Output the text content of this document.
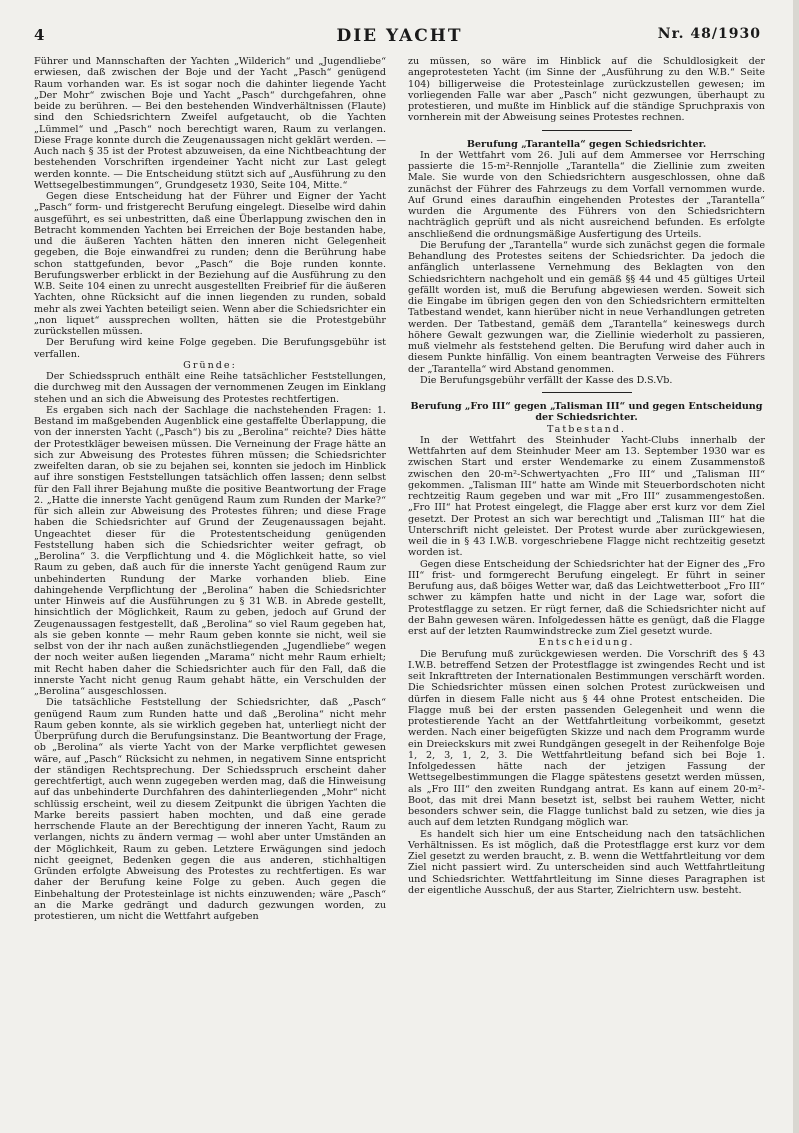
4	DIE YACHT	Nr. 48/1930

Führer und Mannschaften der Yachten „Wilderich“ und „Jugendliebe“ erwiesen, daß zwischen der Boje und der Yacht „Pasch“ genügend Raum vorhanden war. Es ist sogar noch die dahinter liegende Yacht „Der Mohr“ zwischen Boje und Yacht „Pasch“ durchgefahren, ohne beide zu berühren. — Bei den bestehenden Windverhältnissen (Flaute) sind den Schiedsrichtern Zweifel aufgetaucht, ob die Yachten „Lümmel“ und „Pasch“ noch berechtigt waren, Raum zu verlangen. Diese Frage konnte durch die Zeugenaussagen nicht geklärt werden. — Auch nach § 35 ist der Protest abzuweisen, da eine Nichtbeachtung der bestehenden Vorschriften irgendeiner Yacht nicht zur Last gelegt werden konnte. — Die Entscheidung stützt sich auf „Ausführung zu den Wettsegelbestimmungen“, Grundgesetz 1930, Seite 104, Mitte.“

Gegen diese Entscheidung hat der Führer und Eigner der Yacht „Pasch“ form- und fristgerecht Berufung eingelegt. Dieselbe wird dahin ausgeführt, es sei unbestritten, daß eine Überlappung zwischen den in Betracht kommenden Yachten bei Erreichen der Boje bestanden habe, und die äußeren Yachten hätten den inneren nicht Gelegenheit gegeben, die Boje einwandfrei zu runden; denn die Berührung habe schon stattgefunden, bevor „Pasch“ die Boje runden konnte. Berufungswerber erblickt in der Beziehung auf die Ausführung zu den W.B. Seite 104 einen zu unrecht ausgestellten Freibrief für die äußeren Yachten, ohne Rücksicht auf die innen liegenden zu runden, sobald mehr als zwei Yachten beteiligt seien. Wenn aber die Schiedsrichter ein „non liquet“ aussprechen wollten, hätten sie die Protestgebühr zurückstellen müssen.

Der Berufung wird keine Folge gegeben. Die Berufungsgebühr ist verfallen.

Gründe:

Der Schiedsspruch enthält eine Reihe tatsächlicher Feststellungen, die durchweg mit den Aussagen der vernommenen Zeugen im Einklang stehen und an sich die Abweisung des Protestes rechtfertigen.

Es ergaben sich nach der Sachlage die nachstehenden Fragen: 1. Bestand im maßgebenden Augenblick eine gestaffelte Überlappung, die von der innersten Yacht („Pasch“) bis zu „Berolina“ reichte? Dies hätte der Protestkläger beweisen müssen. Die Verneinung der Frage hätte an sich zur Abweisung des Protestes führen müssen; die Schiedsrichter zweifelten daran, ob sie zu bejahen sei, konnten sie jedoch im Hinblick auf ihre sonstigen Feststellungen tatsächlich offen lassen; denn selbst für den Fall ihrer Bejahung mußte die positive Beantwortung der Frage 2. „Hatte die innerste Yacht genügend Raum zum Runden der Marke?“ für sich allein zur Abweisung des Protestes führen; und diese Frage haben die Schiedsrichter auf Grund der Zeugenaussagen bejaht. Ungeachtet dieser für die Protestentscheidung genügenden Feststellung haben sich die Schiedsrichter weiter gefragt, ob „Berolina“ 3. die Verpflichtung und 4. die Möglichkeit hatte, so viel Raum zu geben, daß auch für die innerste Yacht genügend Raum zur unbehinderten Rundung der Marke vorhanden blieb. Eine dahingehende Verpflichtung der „Berolina“ haben die Schiedsrichter unter Hinweis auf die Ausführungen zu § 31 W.B. in Abrede gestellt, hinsichtlich der Möglichkeit, Raum zu geben, jedoch auf Grund der Zeugenaussagen festgestellt, daß „Berolina“ so viel Raum gegeben hat, als sie geben konnte — mehr Raum geben konnte sie nicht, weil sie selbst von der ihr nach außen zunächstliegenden „Jugendliebe“ wegen der noch weiter außen liegenden „Marama“ nicht mehr Raum erhielt; mit Recht haben daher die Schiedsrichter auch für den Fall, daß die innerste Yacht nicht genug Raum gehabt hätte, ein Verschulden der „Berolina“ ausgeschlossen.

Die tatsächliche Feststellung der Schiedsrichter, daß „Pasch“ genügend Raum zum Runden hatte und daß „Berolina“ nicht mehr Raum geben konnte, als sie wirklich gegeben hat, unterliegt nicht der Überprüfung durch die Berufungsinstanz. Die Beantwortung der Frage, ob „Berolina“ als vierte Yacht von der Marke verpflichtet gewesen wäre, auf „Pasch“ Rücksicht zu nehmen, in negativem Sinne entspricht der ständigen Rechtsprechung. Der Schiedsspruch erscheint daher gerechtfertigt, auch wenn zugegeben werden mag, daß die Hinweisung auf das unbehinderte Durchfahren des dahinterliegenden „Mohr“ nicht schlüssig erscheint, weil zu diesem Zeitpunkt die übrigen Yachten die Marke bereits passiert haben mochten, und daß eine gerade herrschende Flaute an der Berechtigung der inneren Yacht, Raum zu verlangen, nichts zu ändern vermag — wohl aber unter Umständen an der Möglichkeit, Raum zu geben. Letztere Erwägungen sind jedoch nicht geeignet, Bedenken gegen die aus anderen, stichhaltigen Gründen erfolgte Abweisung des Protestes zu rechtfertigen. Es war daher der Berufung keine Folge zu geben. Auch gegen die Einbehaltung der Protesteinlage ist nichts einzuwenden; wäre „Pasch“ an die Marke gedrängt und dadurch gezwungen worden, zu protestieren, um nicht die Wettfahrt aufgeben

zu müssen, so wäre im Hinblick auf die Schuldlosigkeit der angeprotesteten Yacht (im Sinne der „Ausführung zu den W.B.“ Seite 104) billigerweise die Protesteinlage zurückzustellen gewesen; im vorliegenden Falle war aber „Pasch“ nicht gezwungen, überhaupt zu protestieren, und mußte im Hinblick auf die ständige Spruchpraxis von vornherein mit der Abweisung seines Protestes rechnen.

Berufung „Tarantella“ gegen Schiedsrichter.

In der Wettfahrt vom 26. Juli auf dem Ammersee vor Herrsching passierte die 15-m²-Rennjolle „Tarantella“ die Ziellinie zum zweiten Male. Sie wurde von den Schiedsrichtern ausgeschlossen, ohne daß zunächst der Führer des Fahrzeugs zu dem Vorfall vernommen wurde. Auf Grund eines daraufhin eingehenden Protestes der „Tarantella“ wurden die Argumente des Führers von den Schiedsrichtern nachträglich geprüft und als nicht ausreichend befunden. Es erfolgte anschließend die ordnungsmäßige Ausfertigung des Urteils.

Die Berufung der „Tarantella“ wurde sich zunächst gegen die formale Behandlung des Protestes seitens der Schiedsrichter. Da jedoch die anfänglich unterlassene Vernehmung des Beklagten von den Schiedsrichtern nachgeholt und ein gemäß §§ 44 und 45 gültiges Urteil gefällt worden ist, muß die Berufung abgewiesen werden. Soweit sich die Eingabe im übrigen gegen den von den Schiedsrichtern ermittelten Tatbestand wendet, kann hierüber nicht in neue Verhandlungen getreten werden. Der Tatbestand, gemäß dem „Tarantella“ keineswegs durch höhere Gewalt gezwungen war, die Ziellinie wiederholt zu passieren, muß vielmehr als feststehend gelten. Die Berufung wird daher auch in diesem Punkte hinfällig. Von einem beantragten Verweise des Führers der „Tarantella“ wird Abstand genommen.

Die Berufungsgebühr verfällt der Kasse des D.S.Vb.

Berufung „Fro III“ gegen „Talisman III“ und gegen Entscheidung der Schiedsrichter.

Tatbestand.

In der Wettfahrt des Steinhuder Yacht-Clubs innerhalb der Wettfahrten auf dem Steinhuder Meer am 13. September 1930 war es zwischen Start und erster Wendemarke zu einem Zusammenstoß zwischen den 20-m²-Schwertyachten „Fro III“ und „Talisman III“ gekommen. „Talisman III“ hatte am Winde mit Steuerbordschoten nicht rechtzeitig Raum gegeben und war mit „Fro III“ zusammengestoßen. „Fro III“ hat Protest eingelegt, die Flagge aber erst kurz vor dem Ziel gesetzt. Der Protest an sich war berechtigt und „Talisman III“ hat die Unterschrift nicht geleistet. Der Protest wurde aber zurückgewiesen, weil die in § 43 I.W.B. vorgeschriebene Flagge nicht rechtzeitig gesetzt worden ist.

Gegen diese Entscheidung der Schiedsrichter hat der Eigner des „Fro III“ frist- und formgerecht Berufung eingelegt. Er führt in seiner Berufung aus, daß böiges Wetter war, daß das Leichtwetterboot „Fro III“ schwer zu kämpfen hatte und nicht in der Lage war, sofort die Protestflagge zu setzen. Er rügt ferner, daß die Schiedsrichter nicht auf der Bahn gewesen wären. Infolgedessen hätte es genügt, daß die Flagge erst auf der letzten Raumwindstrecke zum Ziel gesetzt wurde.

Entscheidung.

Die Berufung muß zurückgewiesen werden. Die Vorschrift des § 43 I.W.B. betreffend Setzen der Protestflagge ist zwingendes Recht und ist seit Inkrafttreten der Internationalen Bestimmungen verschärft worden. Die Schiedsrichter müssen einen solchen Protest zurückweisen und dürfen in diesem Falle nicht aus § 44 ohne Protest entscheiden. Die Flagge muß bei der ersten passenden Gelegenheit und wenn die protestierende Yacht an der Wettfahrtleitung vorbeikommt, gesetzt werden. Nach einer beigefügten Skizze und nach dem Programm wurde ein Dreieckskurs mit zwei Rundgängen gesegelt in der Reihenfolge Boje 1, 2, 3, 1, 2, 3. Die Wettfahrtleitung befand sich bei Boje 1. Infolgedessen hätte nach der jetzigen Fassung der Wettsegelbestimmungen die Flagge spätestens gesetzt werden müssen, als „Fro III“ den zweiten Rundgang antrat. Es kann auf einem 20-m²-Boot, das mit drei Mann besetzt ist, selbst bei rauhem Wetter, nicht besonders schwer sein, die Flagge tunlichst bald zu setzen, wie dies ja auch auf dem letzten Rundgang möglich war.

Es handelt sich hier um eine Entscheidung nach den tatsächlichen Verhältnissen. Es ist möglich, daß die Protestflagge erst kurz vor dem Ziel gesetzt zu werden braucht, z. B. wenn die Wettfahrtleitung vor dem Ziel nicht passiert wird. Zu unterscheiden sind auch Wettfahrtleitung und Schiedsrichter. Wettfahrtleitung im Sinne dieses Paragraphen ist der eigentliche Ausschuß, der aus Starter, Zielrichtern usw. besteht.
